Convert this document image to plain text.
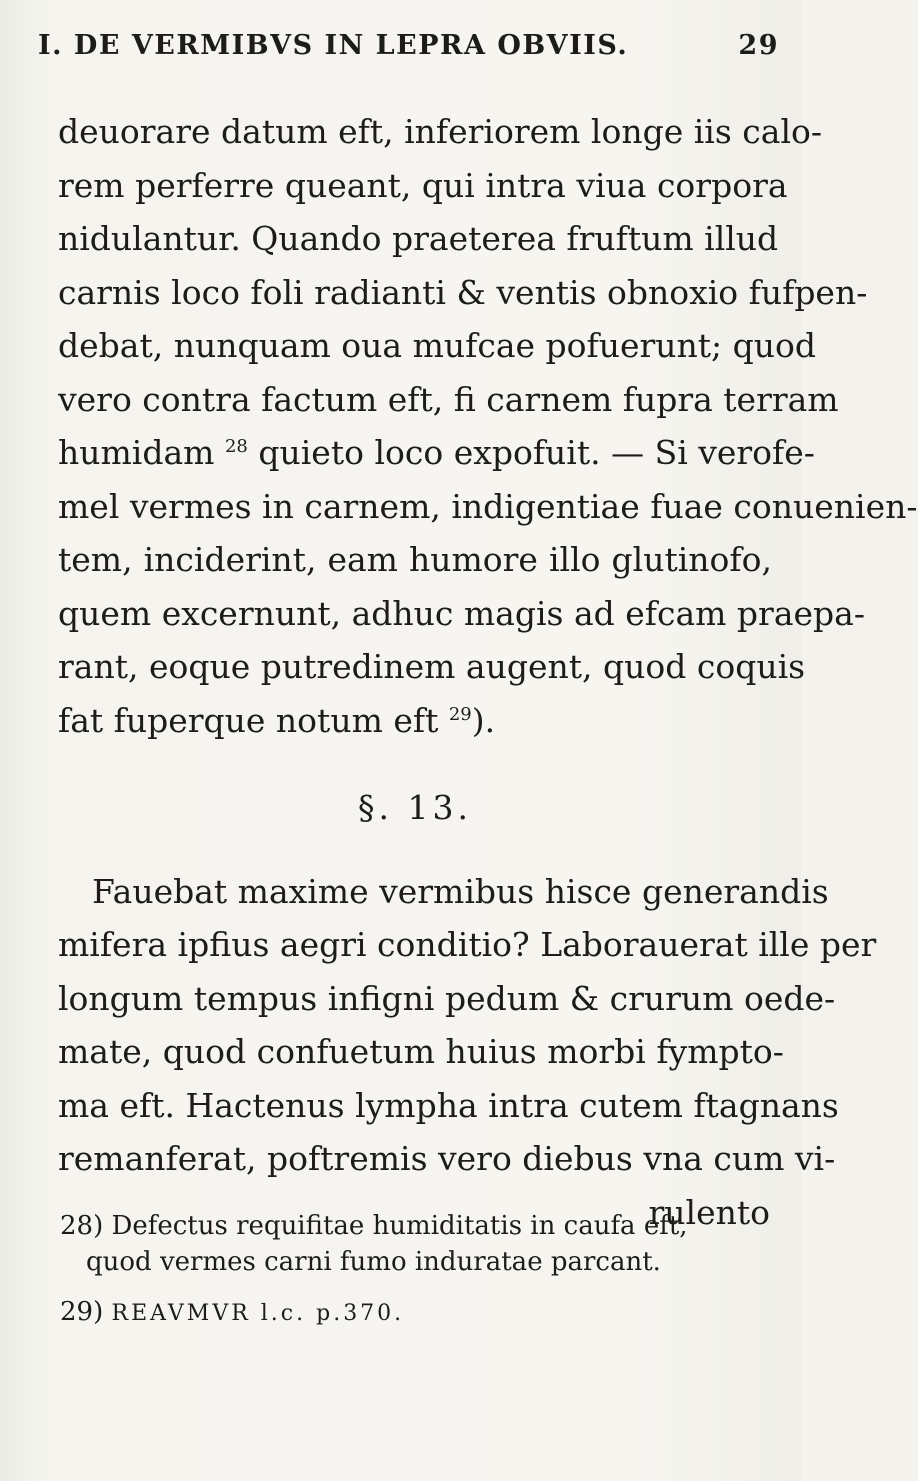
I. DE VERMIBVS IN LEPRA OBVIIS.	29

deuorare datum eft, inferiorem longe iis calo-
rem perferre queant, qui intra viua corpora
nidulantur. Quando praeterea fruftum illud
carnis loco foli radianti & ventis obnoxio fufpen-
debat, nunquam oua mufcae pofuerunt; quod
vero contra factum eft, fi carnem fupra terram
humidam $^{28}$ quieto loco expofuit. — Si verofe-
mel vermes in carnem, indigentiae fuae conuenien-
tem, inciderint, eam humore illo glutinofo,
quem excernunt, adhuc magis ad efcam praepa-
rant, eoque putredinem augent, quod coquis
fat fuperque notum eft $^{29}$).

§. 13.

Fauebat maxime vermibus hisce generandis
mifera ipfius aegri conditio? Laborauerat ille per
longum tempus infigni pedum & crurum oede-
mate, quod confuetum huius morbi fympto-
ma eft. Hactenus lympha intra cutem ftagnans
remanferat, poftremis vero diebus vna cum vi-
rulento

28) Defectus requifitae humiditatis in caufa eft,
quod vermes carni fumo induratae parcant.
29) REAVMVR l.c. p.370.
